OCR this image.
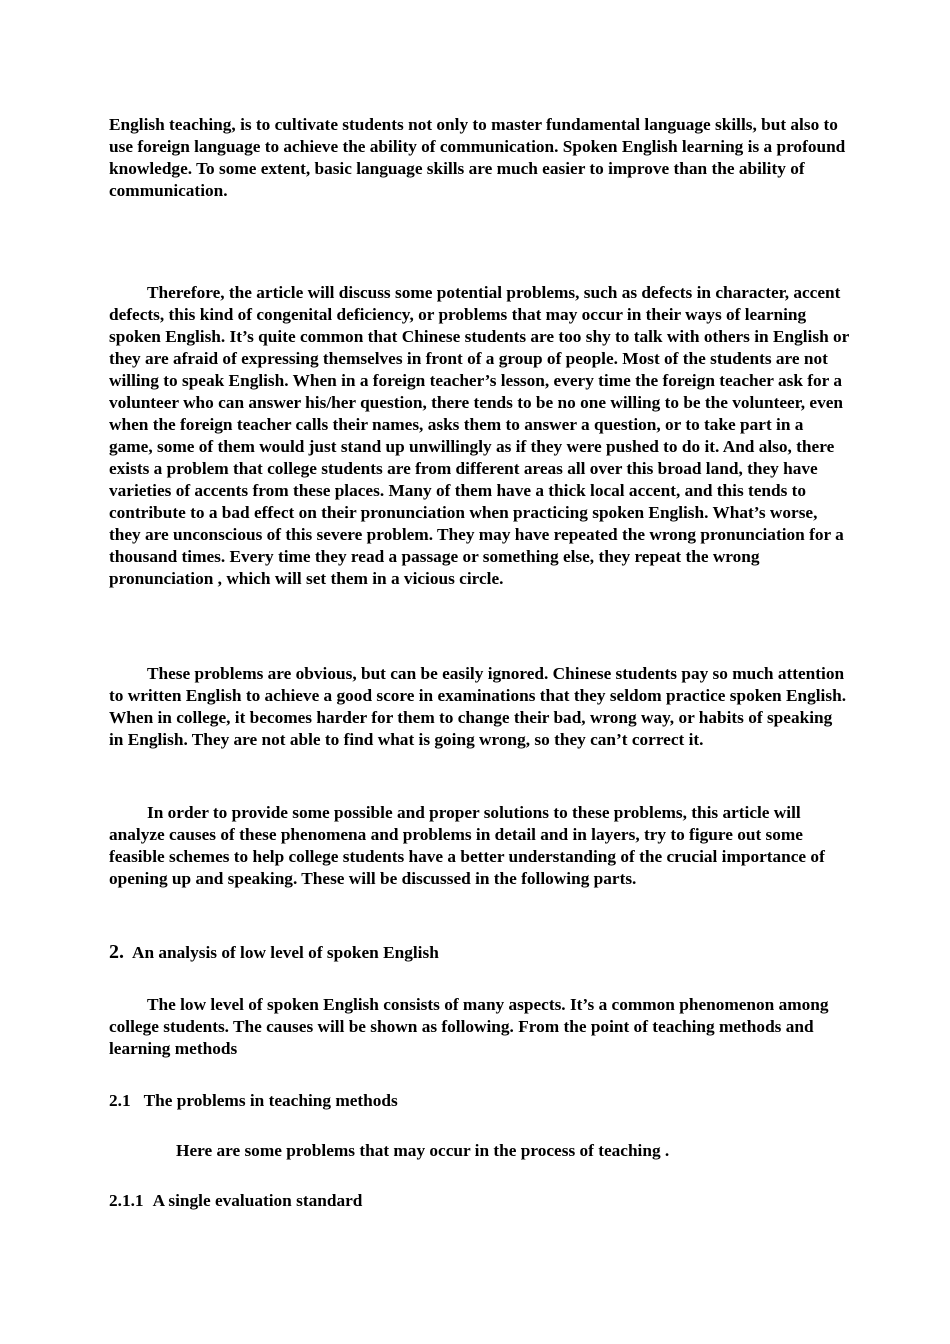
English teaching, is to cultivate students not only to master fundamental language skills, but also to use foreign language to achieve the ability of communication. Spoken English learning is a profound knowledge. To some extent, basic language skills are much easier to improve than the ability of communication.

Therefore, the article will discuss some potential problems, such as defects in character, accent defects, this kind of congenital deficiency, or problems that may occur in their ways of learning spoken English. It’s quite common that Chinese students are too shy to talk with others in English or they are afraid of expressing themselves in front of a group of people. Most of the students are not willing to speak English. When in a foreign teacher’s lesson, every time the foreign teacher ask for a volunteer who can answer his/her question, there tends to be no one willing to be the volunteer, even when the foreign teacher calls their names, asks them to answer a question, or to take part in a game, some of them would just stand up unwillingly as if they were pushed to do it. And also, there exists a problem that college students are from different areas all over this broad land, they have varieties of accents from these places. Many of them have a thick local accent, and this tends to contribute to a bad effect on their pronunciation when practicing spoken English. What’s worse, they are unconscious of this severe problem. They may have repeated the wrong pronunciation for a thousand times. Every time they read a passage or something else, they repeat the wrong pronunciation , which will set them in a vicious circle.

These problems are obvious, but can be easily ignored. Chinese students pay so much attention to written English to achieve a good score in examinations that they seldom practice spoken English. When in college, it becomes harder for them to change their bad, wrong way, or habits of speaking in English. They are not able to find what is going wrong, so they can’t correct it.

In order to provide some possible and proper solutions to these problems, this article will analyze causes of these phenomena and problems in detail and in layers, try to figure out some feasible schemes to help college students have a better understanding of the crucial importance of opening up and speaking. These will be discussed in the following parts.

2. An analysis of low level of spoken English

The low level of spoken English consists of many aspects. It’s a common phenomenon among college students. The causes will be shown as following. From the point of teaching methods and learning methods

2.1 The problems in teaching methods

Here are some problems that may occur in the process of teaching .

2.1.1 A single evaluation standard
